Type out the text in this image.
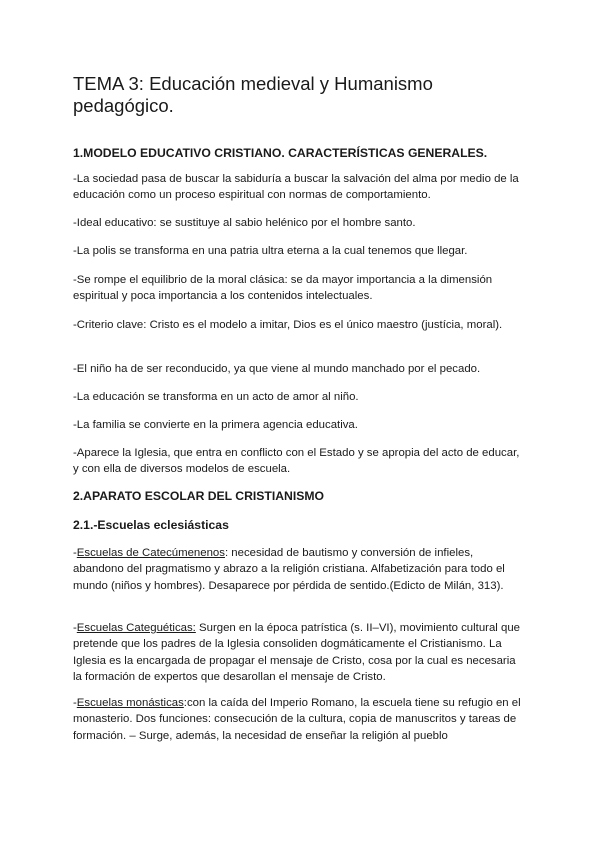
TEMA 3: Educación medieval y Humanismo pedagógico.
1.MODELO EDUCATIVO CRISTIANO. CARACTERÍSTICAS GENERALES.

-La sociedad pasa de buscar la sabiduría a buscar la salvación del alma por medio de la educación como un proceso espiritual con normas de comportamiento.

-Ideal educativo: se sustituye al sabio helénico por el hombre santo.

-La polis se transforma en una patria ultra eterna a la cual tenemos que llegar.

-Se rompe el equilibrio de la moral clásica: se da mayor importancia a la dimensión espiritual y poca importancia a los contenidos intelectuales.

-Criterio clave: Cristo es el modelo a imitar, Dios es el único maestro (justícia, moral).

-El niño ha de ser reconducido, ya que viene al mundo manchado por el pecado.

-La educación se transforma en un acto de amor al niño.

-La familia se convierte en la primera agencia educativa.

-Aparece la Iglesia, que entra en conflicto con el Estado y se apropia del acto de educar, y con ella de diversos modelos de escuela.

2.APARATO ESCOLAR DEL CRISTIANISMO
2.1.-Escuelas eclesiásticas

-Escuelas de Catecúmenenos: necesidad de bautismo y conversión de infieles, abandono del pragmatismo y abrazo a la religión cristiana. Alfabetización para todo el mundo (niños y hombres). Desaparece por pérdida de sentido.(Edicto de Milán, 313).

-Escuelas Categuéticas: Surgen en la época patrística (s. II–VI), movimiento cultural que pretende que los padres de la Iglesia consoliden dogmáticamente el Cristianismo. La Iglesia es la encargada de propagar el mensaje de Cristo, cosa por la cual es necesaria la formación de expertos que desarollan el mensaje de Cristo.

-Escuelas monásticas:con la caída del Imperio Romano, la escuela tiene su refugio en el monasterio. Dos funciones: consecución de la cultura, copia de manuscritos y tareas de formación. – Surge, además, la necesidad de enseñar la religión al pueblo
